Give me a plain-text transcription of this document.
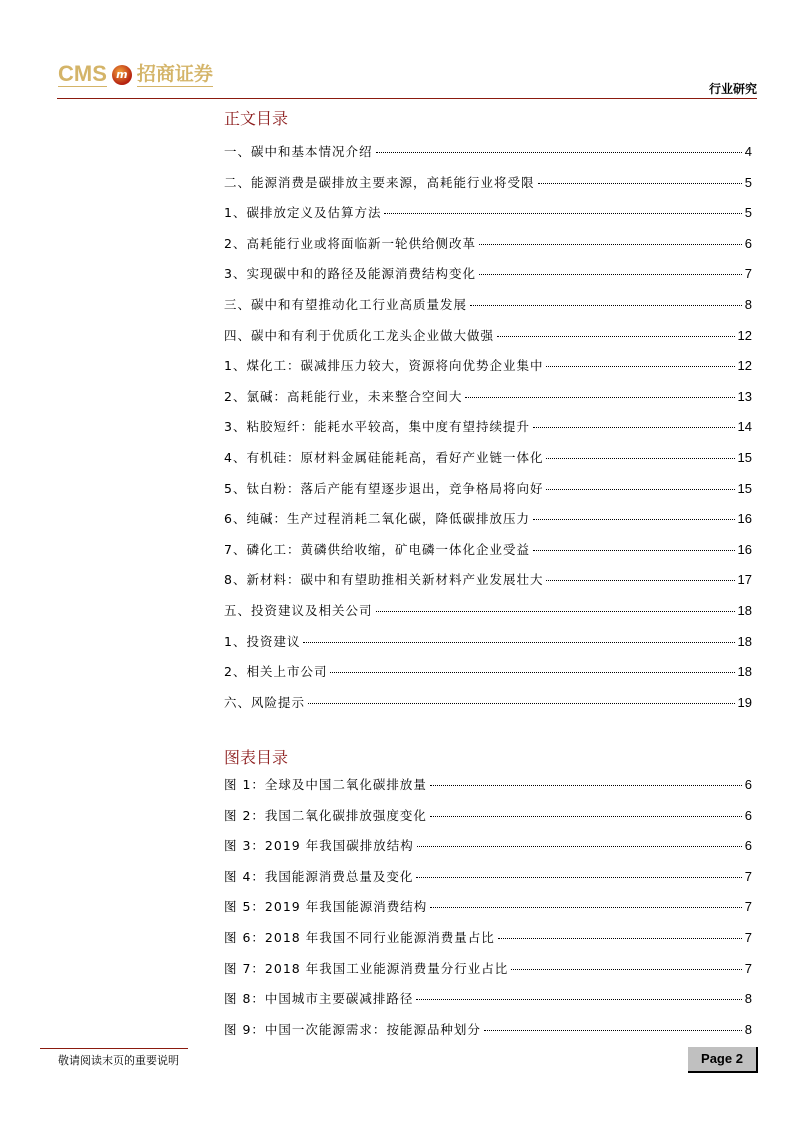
CMS m 招商证券
行业研究
正文目录
一、碳中和基本情况介绍	4
二、能源消费是碳排放主要来源，高耗能行业将受限	5
1、碳排放定义及估算方法	5
2、高耗能行业或将面临新一轮供给侧改革	6
3、实现碳中和的路径及能源消费结构变化	7
三、碳中和有望推动化工行业高质量发展	8
四、碳中和有利于优质化工龙头企业做大做强	12
1、煤化工：碳减排压力较大，资源将向优势企业集中	12
2、氯碱：高耗能行业，未来整合空间大	13
3、粘胶短纤：能耗水平较高，集中度有望持续提升	14
4、有机硅：原材料金属硅能耗高，看好产业链一体化	15
5、钛白粉：落后产能有望逐步退出，竞争格局将向好	15
6、纯碱：生产过程消耗二氧化碳，降低碳排放压力	16
7、磷化工：黄磷供给收缩，矿电磷一体化企业受益	16
8、新材料：碳中和有望助推相关新材料产业发展壮大	17
五、投资建议及相关公司	18
1、投资建议	18
2、相关上市公司	18
六、风险提示	19
图表目录
图 1：全球及中国二氧化碳排放量	6
图 2：我国二氧化碳排放强度变化	6
图 3：2019 年我国碳排放结构	6
图 4：我国能源消费总量及变化	7
图 5：2019 年我国能源消费结构	7
图 6：2018 年我国不同行业能源消费量占比	7
图 7：2018 年我国工业能源消费量分行业占比	7
图 8：中国城市主要碳减排路径	8
图 9：中国一次能源需求：按能源品种划分	8
敬请阅读末页的重要说明	Page 2
